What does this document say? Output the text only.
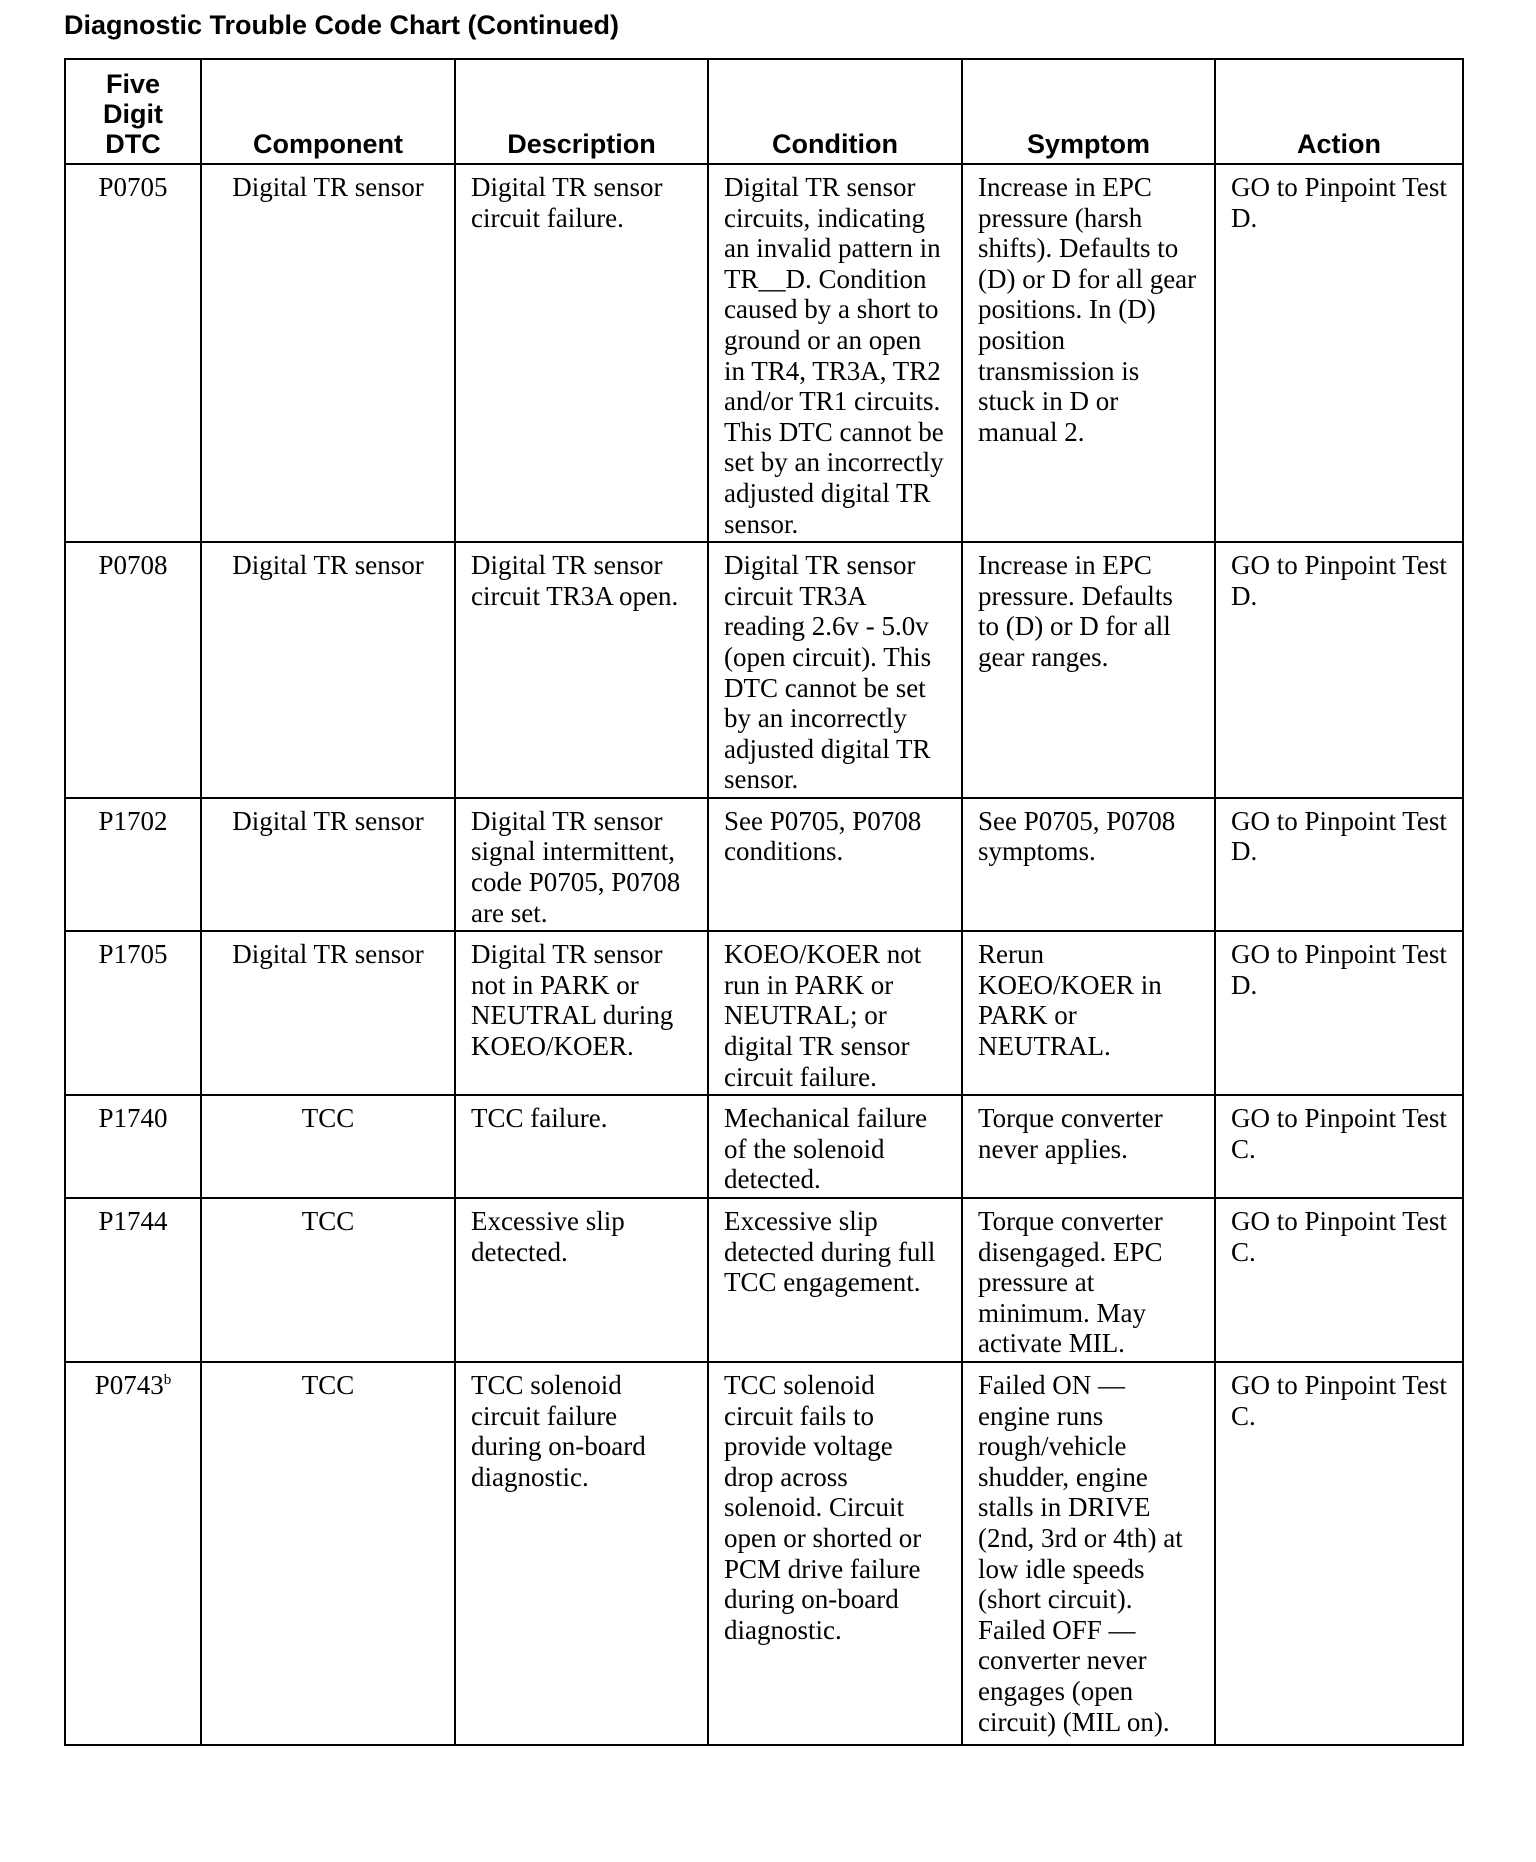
Diagnostic Trouble Code Chart (Continued)
Five
Digit
DTC	Component	Description	Condition	Symptom	Action
P0705	Digital TR sensor	Digital TR sensor circuit failure.	Digital TR sensor circuits, indicating an invalid pattern in TR__D. Condition caused by a short to ground or an open in TR4, TR3A, TR2 and/or TR1 circuits. This DTC cannot be set by an incorrectly adjusted digital TR sensor.	Increase in EPC pressure (harsh shifts). Defaults to (D) or D for all gear positions. In (D) position transmission is stuck in D or manual 2.	GO to Pinpoint Test D.
P0708	Digital TR sensor	Digital TR sensor circuit TR3A open.	Digital TR sensor circuit TR3A reading 2.6v - 5.0v (open circuit). This DTC cannot be set by an incorrectly adjusted digital TR sensor.	Increase in EPC pressure. Defaults to (D) or D for all gear ranges.	GO to Pinpoint Test D.
P1702	Digital TR sensor	Digital TR sensor signal intermittent, code P0705, P0708 are set.	See P0705, P0708 conditions.	See P0705, P0708 symptoms.	GO to Pinpoint Test D.
P1705	Digital TR sensor	Digital TR sensor not in PARK or NEUTRAL during KOEO/KOER.	KOEO/KOER not run in PARK or NEUTRAL; or digital TR sensor circuit failure.	Rerun KOEO/KOER in PARK or NEUTRAL.	GO to Pinpoint Test D.
P1740	TCC	TCC failure.	Mechanical failure of the solenoid detected.	Torque converter never applies.	GO to Pinpoint Test C.
P1744	TCC	Excessive slip detected.	Excessive slip detected during full TCC engagement.	Torque converter disengaged. EPC pressure at minimum. May activate MIL.	GO to Pinpoint Test C.
P0743$^b$	TCC	TCC solenoid circuit failure during on-board diagnostic.	TCC solenoid circuit fails to provide voltage drop across solenoid. Circuit open or shorted or PCM drive failure during on-board diagnostic.	Failed ON — engine runs rough/vehicle shudder, engine stalls in DRIVE (2nd, 3rd or 4th) at low idle speeds (short circuit). Failed OFF — converter never engages (open circuit) (MIL on).	GO to Pinpoint Test C.
